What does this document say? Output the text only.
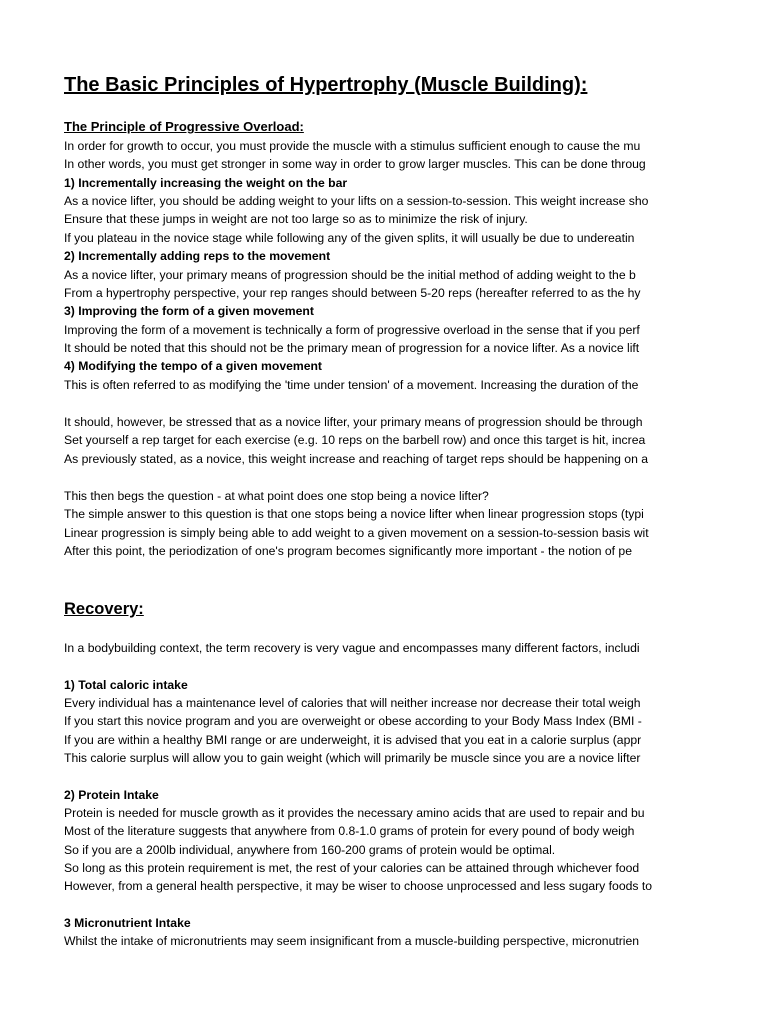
The Basic Principles of Hypertrophy (Muscle Building):
The Principle of Progressive Overload:
In order for growth to occur, you must provide the muscle with a stimulus sufficient enough to cause the mu
In other words, you must get stronger in some way in order to grow larger muscles. This can be done throug
1) Incrementally increasing the weight on the bar
As a novice lifter, you should be adding weight to your lifts on a session-to-session. This weight increase sho
Ensure that these jumps in weight are not too large so as to minimize the risk of injury.
If you plateau in the novice stage while following any of the given splits, it will usually be due to undereatin
2) Incrementally adding reps to the movement
As a novice lifter, your primary means of progression should be the initial method of adding weight to the b
From a hypertrophy perspective, your rep ranges should between 5-20 reps (hereafter referred to as the hy
3) Improving the form of a given movement
Improving the form of a movement is technically a form of progressive overload in the sense that if you perf
It should be noted that this should not be the primary mean of progression for a novice lifter. As a novice lift
4) Modifying the tempo of a given movement
This is often referred to as modifying the 'time under tension' of a movement. Increasing the duration of the
It should, however, be stressed that as a novice lifter, your primary means of progression should be through
Set yourself a rep target for each exercise (e.g. 10 reps on the barbell row) and once this target is hit, increa
As previously stated, as a novice, this weight increase and reaching of target reps should be happening on a
This then begs the question - at what point does one stop being a novice lifter?
The simple answer to this question is that one stops being a novice lifter when linear progression stops (typi
Linear progression is simply being able to add weight to a given movement on a session-to-session basis wit
After this point, the periodization of one's program becomes significantly more important - the notion of pe
Recovery:
In a bodybuilding context, the term recovery is very vague and encompasses many different factors, includi
1) Total caloric intake
Every individual has a maintenance level of calories that will neither increase nor decrease their total weigh
If you start this novice program and you are overweight or obese according to your Body Mass Index (BMI -
If you are within a healthy BMI range or are underweight, it is advised that you eat in a calorie surplus (appr
This calorie surplus will allow you to gain weight (which will primarily be muscle since you are a novice lifter
2) Protein Intake
Protein is needed for muscle growth as it provides the necessary amino acids that are used to repair and bu
Most of the literature suggests that anywhere from 0.8-1.0 grams of protein for every pound of body weigh
So if you are a 200lb individual, anywhere from 160-200 grams of protein would be optimal.
So long as this protein requirement is met, the rest of your calories can be attained through whichever food
However, from a general health perspective, it may be wiser to choose unprocessed and less sugary foods to
3 Micronutrient Intake
Whilst the intake of micronutrients may seem insignificant from a muscle-building perspective, micronutrien
